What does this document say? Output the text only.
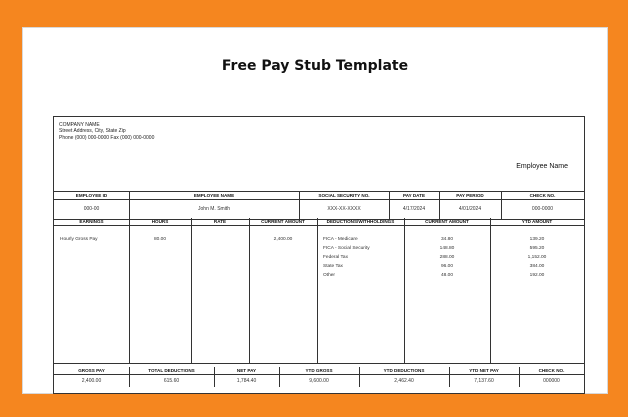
Free Pay Stub Template
COMPANY NAME
Street Address, City, State Zip
Phone (000) 000-0000 Fax (000) 000-0000
Employee Name
EMPLOYEE ID
000-00
EMPLOYEE NAME
John M. Smith
SOCIAL SECURITY NO.
XXX-XX-XXXX
PAY DATE
4/17/2024
PAY PERIOD
4/01/2024
CHECK NO.
000-0000
EARNINGS
Hourly Gross Pay
HOURS
80.00
RATE	CURRENT AMOUNT
2,400.00
DEDUCTIONS/WITHHOLDINGS
FICA - Medicare
FICA - Social Security
Federal Tax
State Tax
Other
CURRENT AMOUNT
34.80
148.80
288.00
96.00
48.00
YTD AMOUNT
139.20
595.20
1,152.00
384.00
192.00
GROSS PAY
2,400.00
TOTAL DEDUCTIONS
615.60
NET PAY
1,784.40
YTD GROSS
9,600.00
YTD DEDUCTIONS
2,462.40
YTD NET PAY
7,137.60
CHECK NO.
000000
